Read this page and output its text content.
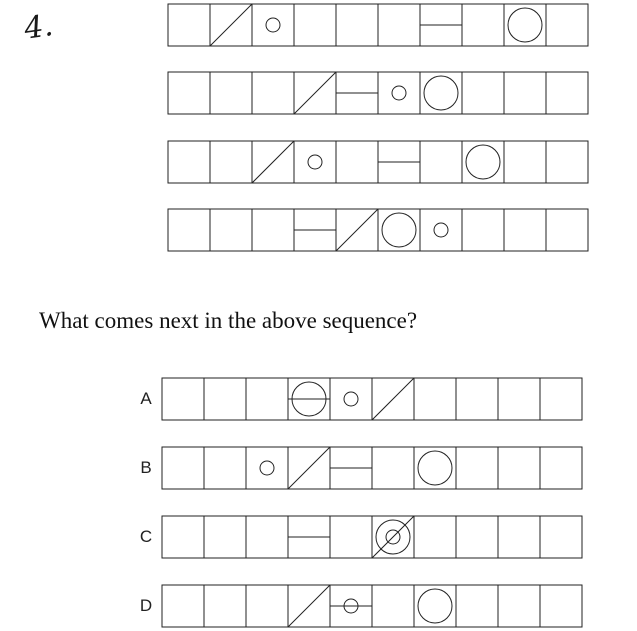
4.
What comes next in the above sequence?
A
B
C
D
